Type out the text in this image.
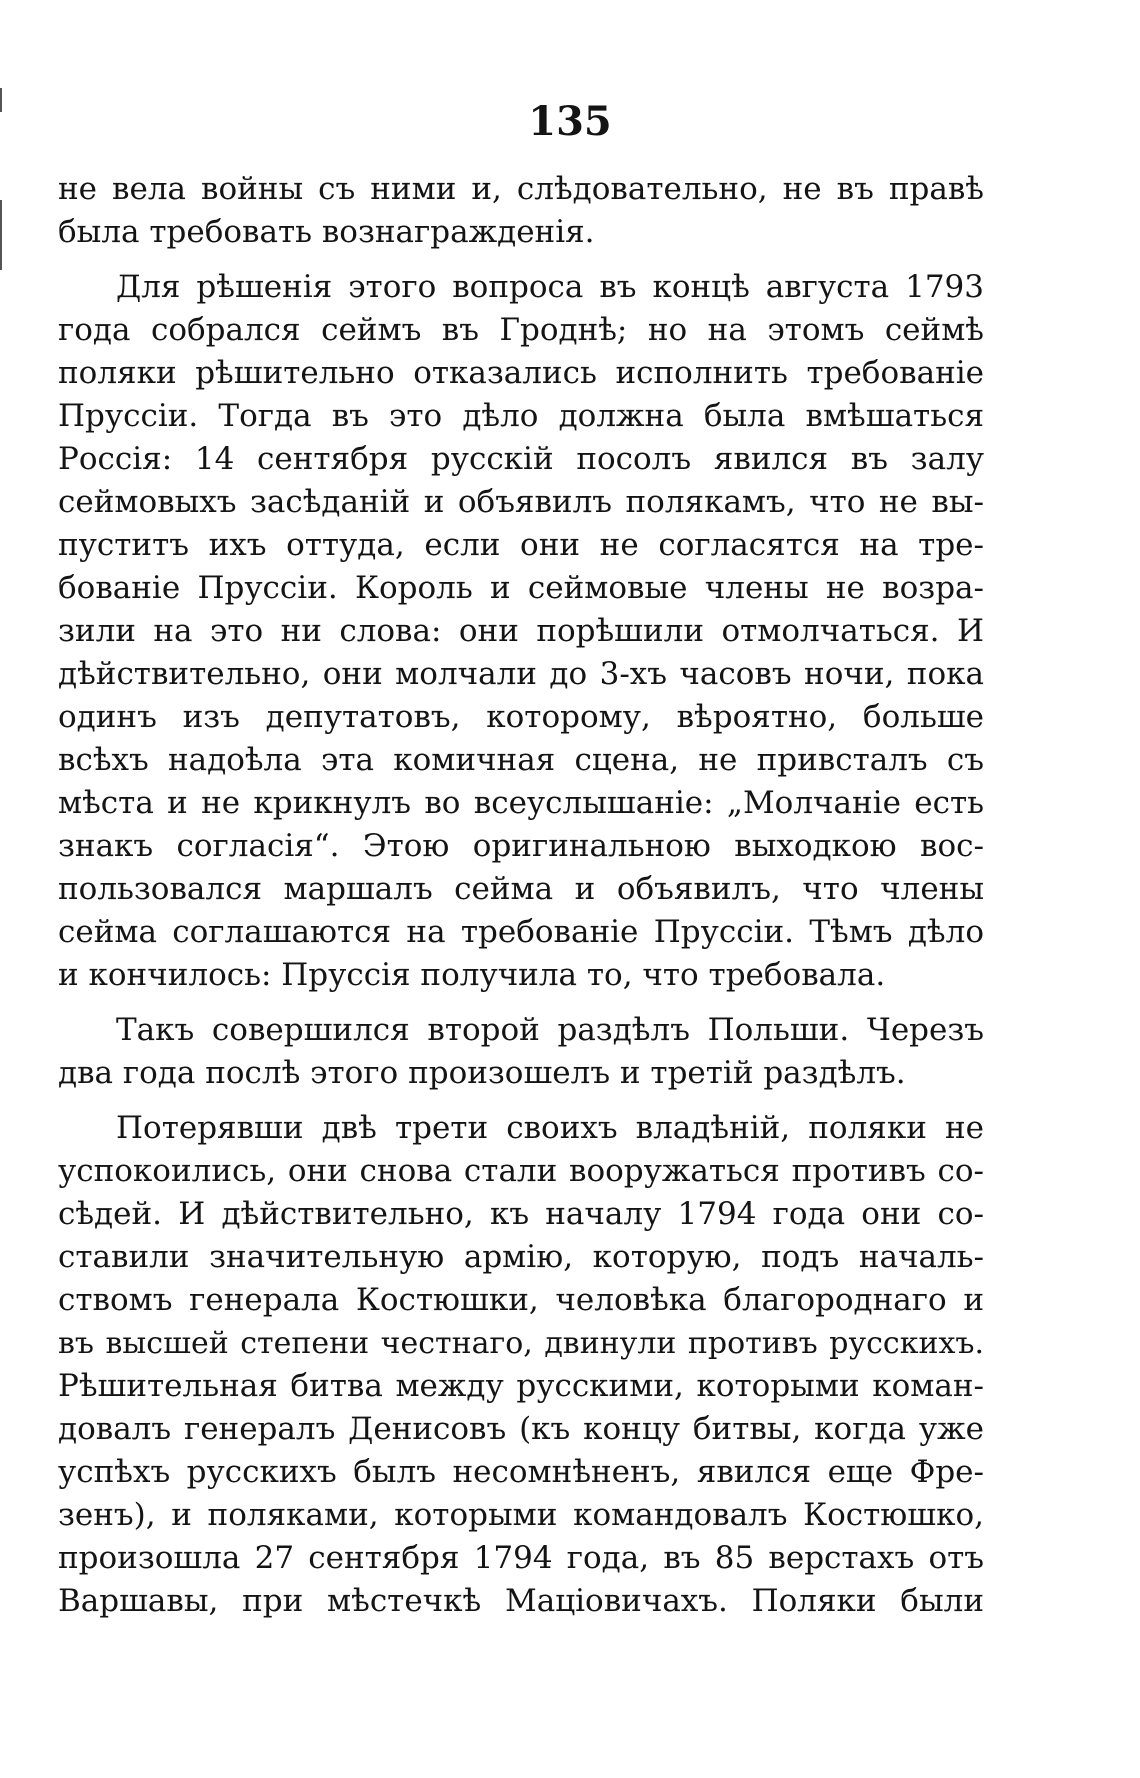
135
не вела войны съ ними и, слѣдовательно, не въ правѣ
была требовать вознагражденія.
Для рѣшенія этого вопроса въ концѣ августа 1793
года собрался сеймъ въ Гроднѣ; но на этомъ сеймѣ
поляки рѣшительно отказались исполнить требованіе
Пруссіи. Тогда въ это дѣло должна была вмѣшаться
Россія: 14 сентября русскій посолъ явился въ залу
сеймовыхъ засѣданій и объявилъ полякамъ, что не вы-
пуститъ ихъ оттуда, если они не согласятся на тре-
бованіе Пруссіи. Король и сеймовые члены не возра-
зили на это ни слова: они порѣшили отмолчаться. И
дѣйствительно, они молчали до 3-хъ часовъ ночи, пока
одинъ изъ депутатовъ, которому, вѣроятно, больше
всѣхъ надоѣла эта комичная сцена, не привсталъ съ
мѣста и не крикнулъ во всеуслышаніе: „Молчаніе есть
знакъ согласія“. Этою оригинальною выходкою вос-
пользовался маршалъ сейма и объявилъ, что члены
сейма соглашаются на требованіе Пруссіи. Тѣмъ дѣло
и кончилось: Пруссія получила то, что требовала.
Такъ совершился второй раздѣлъ Польши. Черезъ
два года послѣ этого произошелъ и третій раздѣлъ.
Потерявши двѣ трети своихъ владѣній, поляки не
успокоились, они снова стали вооружаться противъ со-
сѣдей. И дѣйствительно, къ началу 1794 года они со-
ставили значительную армію, которую, подъ началь-
ствомъ генерала Костюшки, человѣка благороднаго и
въ высшей степени честнаго, двинули противъ русскихъ.
Рѣшительная битва между русскими, которыми коман-
довалъ генералъ Денисовъ (къ концу битвы, когда уже
успѣхъ русскихъ былъ несомнѣненъ, явился еще Фре-
зенъ), и поляками, которыми командовалъ Костюшко,
произошла 27 сентября 1794 года, въ 85 верстахъ отъ
Варшавы, при мѣстечкѣ Маціовичахъ. Поляки были
